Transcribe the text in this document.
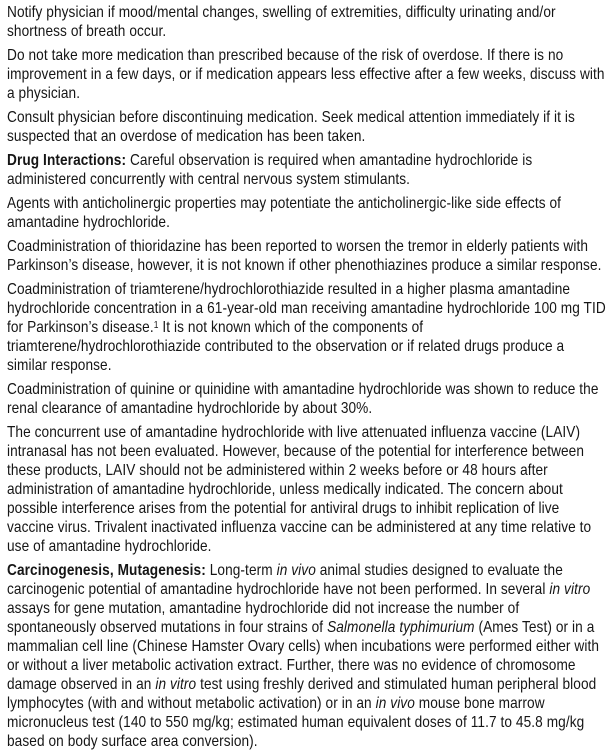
Notify physician if mood/mental changes, swelling of extremities, difficulty urinating and/or shortness of breath occur.

Do not take more medication than prescribed because of the risk of overdose. If there is no improvement in a few days, or if medication appears less effective after a few weeks, discuss with a physician.

Consult physician before discontinuing medication. Seek medical attention immediately if it is suspected that an overdose of medication has been taken.

Drug Interactions: Careful observation is required when amantadine hydrochloride is administered concurrently with central nervous system stimulants.

Agents with anticholinergic properties may potentiate the anticholinergic-like side effects of amantadine hydrochloride.

Coadministration of thioridazine has been reported to worsen the tremor in elderly patients with Parkinson’s disease, however, it is not known if other phenothiazines produce a similar response.

Coadministration of triamterene/hydrochlorothiazide resulted in a higher plasma amantadine hydrochloride concentration in a 61-year-old man receiving amantadine hydrochloride 100 mg TID for Parkinson’s disease.$^1$ It is not known which of the components of triamterene/hydrochlorothiazide contributed to the observation or if related drugs produce a similar response.

Coadministration of quinine or quinidine with amantadine hydrochloride was shown to reduce the renal clearance of amantadine hydrochloride by about 30%.

The concurrent use of amantadine hydrochloride with live attenuated influenza vaccine (LAIV) intranasal has not been evaluated. However, because of the potential for interference between these products, LAIV should not be administered within 2 weeks before or 48 hours after administration of amantadine hydrochloride, unless medically indicated. The concern about possible interference arises from the potential for antiviral drugs to inhibit replication of live vaccine virus. Trivalent inactivated influenza vaccine can be administered at any time relative to use of amantadine hydrochloride.

Carcinogenesis, Mutagenesis: Long-term in vivo animal studies designed to evaluate the carcinogenic potential of amantadine hydrochloride have not been performed. In several in vitro assays for gene mutation, amantadine hydrochloride did not increase the number of spontaneously observed mutations in four strains of Salmonella typhimurium (Ames Test) or in a mammalian cell line (Chinese Hamster Ovary cells) when incubations were performed either with or without a liver metabolic activation extract. Further, there was no evidence of chromosome damage observed in an in vitro test using freshly derived and stimulated human peripheral blood lymphocytes (with and without metabolic activation) or in an in vivo mouse bone marrow micronucleus test (140 to 550 mg/kg; estimated human equivalent doses of 11.7 to 45.8 mg/kg based on body surface area conversion).
